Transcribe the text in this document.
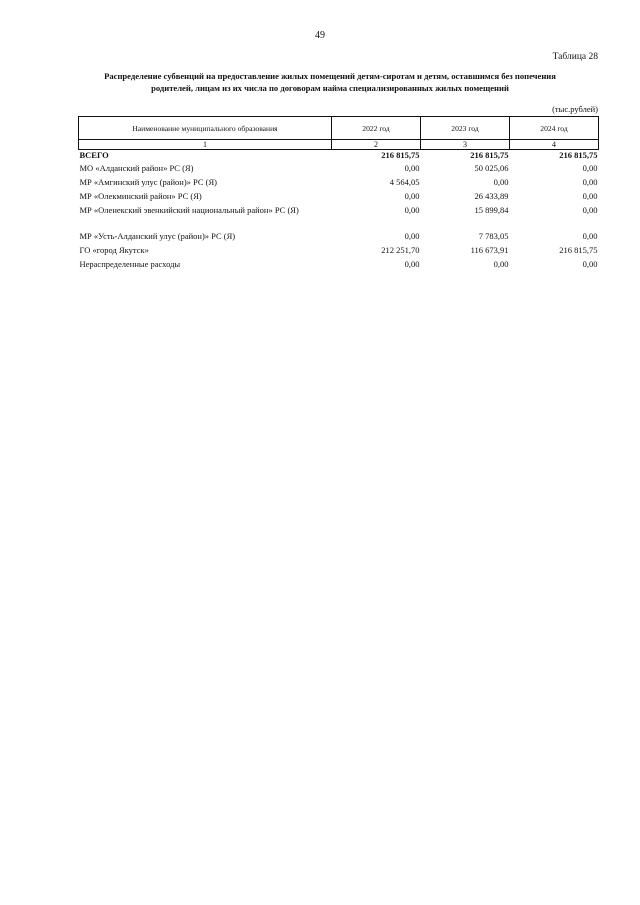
49
Таблица 28
Распределение субвенций на предоставление жилых помещений детям-сиротам и детям, оставшимся без попечения
родителей, лицам из их числа по договорам найма специализированных жилых помещений
(тыс.рублей)
Наименование муниципального образования	2022 год	2023 год	2024 год
1	2	3	4
ВСЕГО	216 815,75	216 815,75	216 815,75
МО «Алданский район» РС (Я)	0,00	50 025,06	0,00
МР «Амгинский улус (район)» РС (Я)	4 564,05	0,00	0,00
МР «Олекминский район» РС (Я)	0,00	26 433,89	0,00
МР «Оленекский эвенкийский национальный район» РС (Я)	0,00	15 899,84	0,00

МР «Усть-Алданский улус (район)» РС (Я)	0,00	7 783,05	0,00
ГО «город Якутск»	212 251,70	116 673,91	216 815,75
Нераспределенные расходы	0,00	0,00	0,00
